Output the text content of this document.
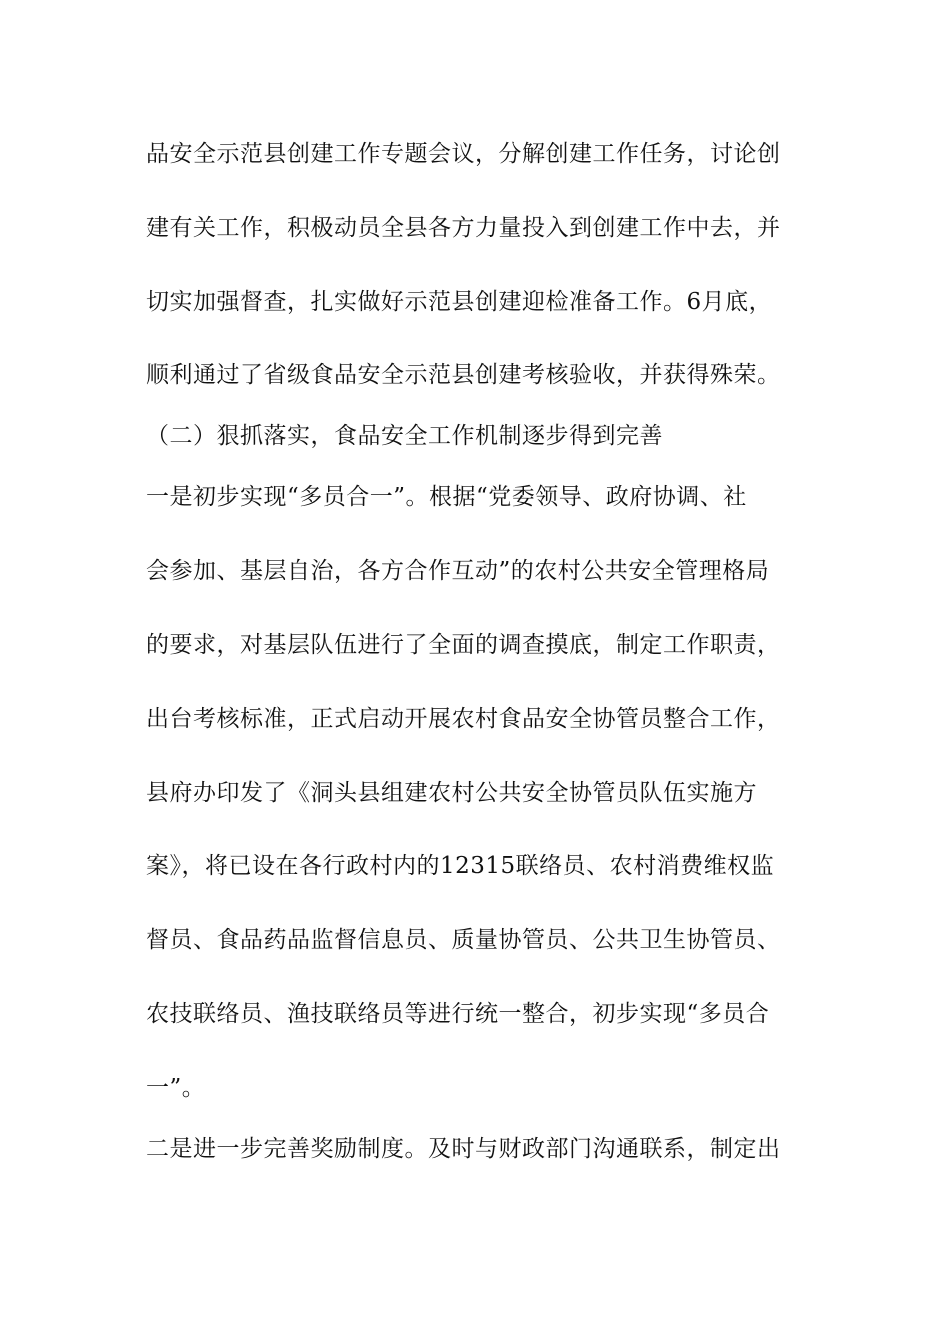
品安全示范县创建工作专题会议，分解创建工作任务，讨论创
建有关工作，积极动员全县各方力量投入到创建工作中去，并
切实加强督查，扎实做好示范县创建迎检准备工作。6月底，
顺利通过了省级食品安全示范县创建考核验收，并获得殊荣。
（二）狠抓落实，食品安全工作机制逐步得到完善
一是初步实现“多员合一”。根据“党委领导、政府协调、社
会参加、基层自治，各方合作互动”的农村公共安全管理格局
的要求，对基层队伍进行了全面的调查摸底，制定工作职责，
出台考核标准，正式启动开展农村食品安全协管员整合工作，
县府办印发了《洞头县组建农村公共安全协管员队伍实施方
案》，将已设在各行政村内的12315联络员、农村消费维权监
督员、食品药品监督信息员、质量协管员、公共卫生协管员、
农技联络员、渔技联络员等进行统一整合，初步实现“多员合
一”。
二是进一步完善奖励制度。及时与财政部门沟通联系，制定出
